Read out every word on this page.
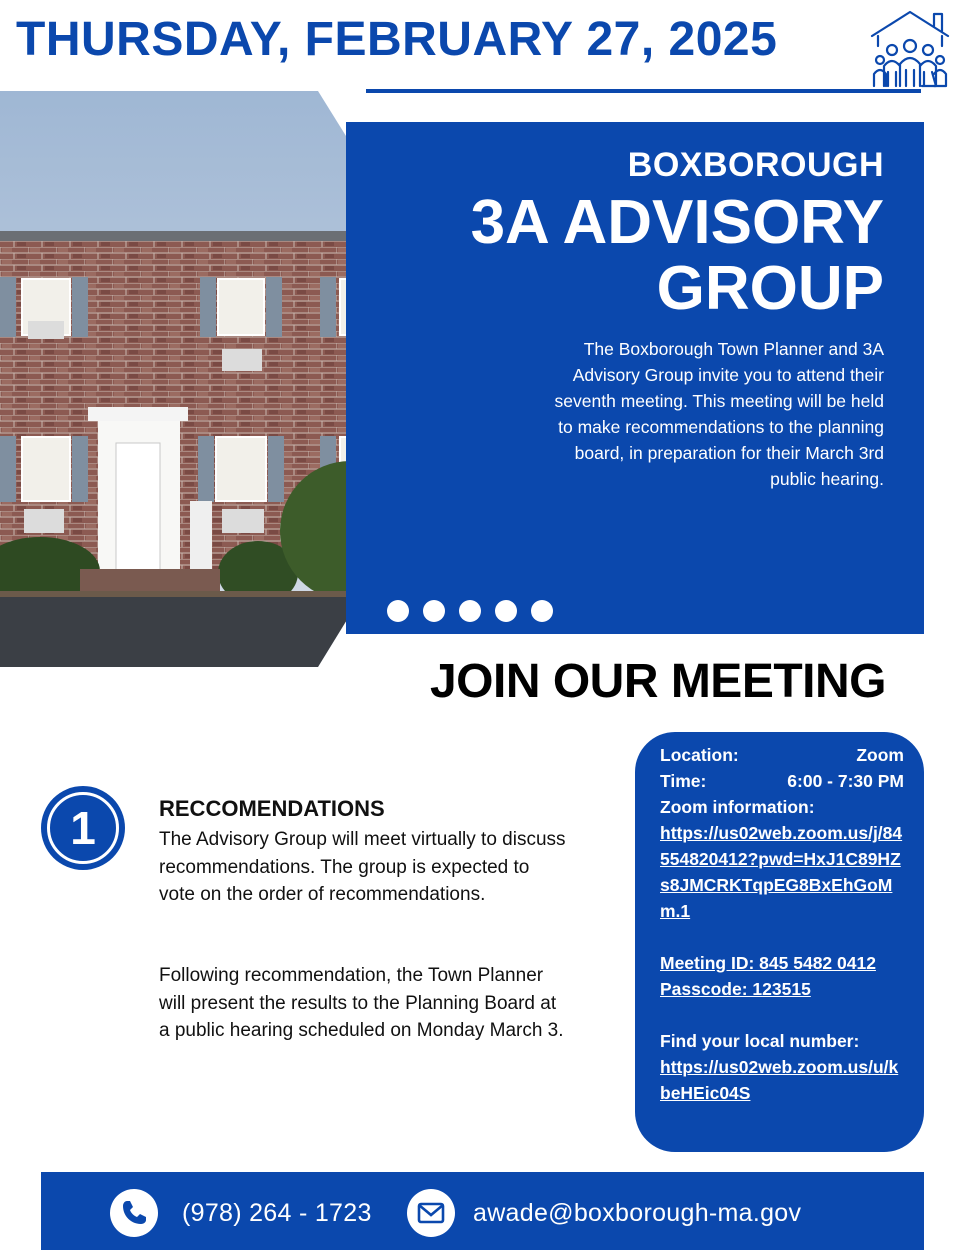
THURSDAY, FEBRUARY 27, 2025
BOXBOROUGH
3A ADVISORY GROUP
The Boxborough Town Planner and 3A Advisory Group invite you to attend their seventh meeting. This meeting will be held to make recommendations to the planning board, in preparation for their March 3rd public hearing.
JOIN OUR MEETING
1	RECCOMENDATIONS
The Advisory Group will meet virtually to discuss recommendations. The group is expected to vote on the order of recommendations.
Following recommendation, the Town Planner will present the results to the Planning Board at a public hearing scheduled on Monday March 3.
Location:	Zoom
Time:	6:00 - 7:30 PM
Zoom information:
https://us02web.zoom.us/j/84554820412?pwd=HxJ1C89HZs8JMCRKTqpEG8BxEhGoMm.1
Meeting ID: 845 5482 0412
Passcode: 123515
Find your local number:
https://us02web.zoom.us/u/kbeHEic04S
(978) 264 - 1723	awade@boxborough-ma.gov
